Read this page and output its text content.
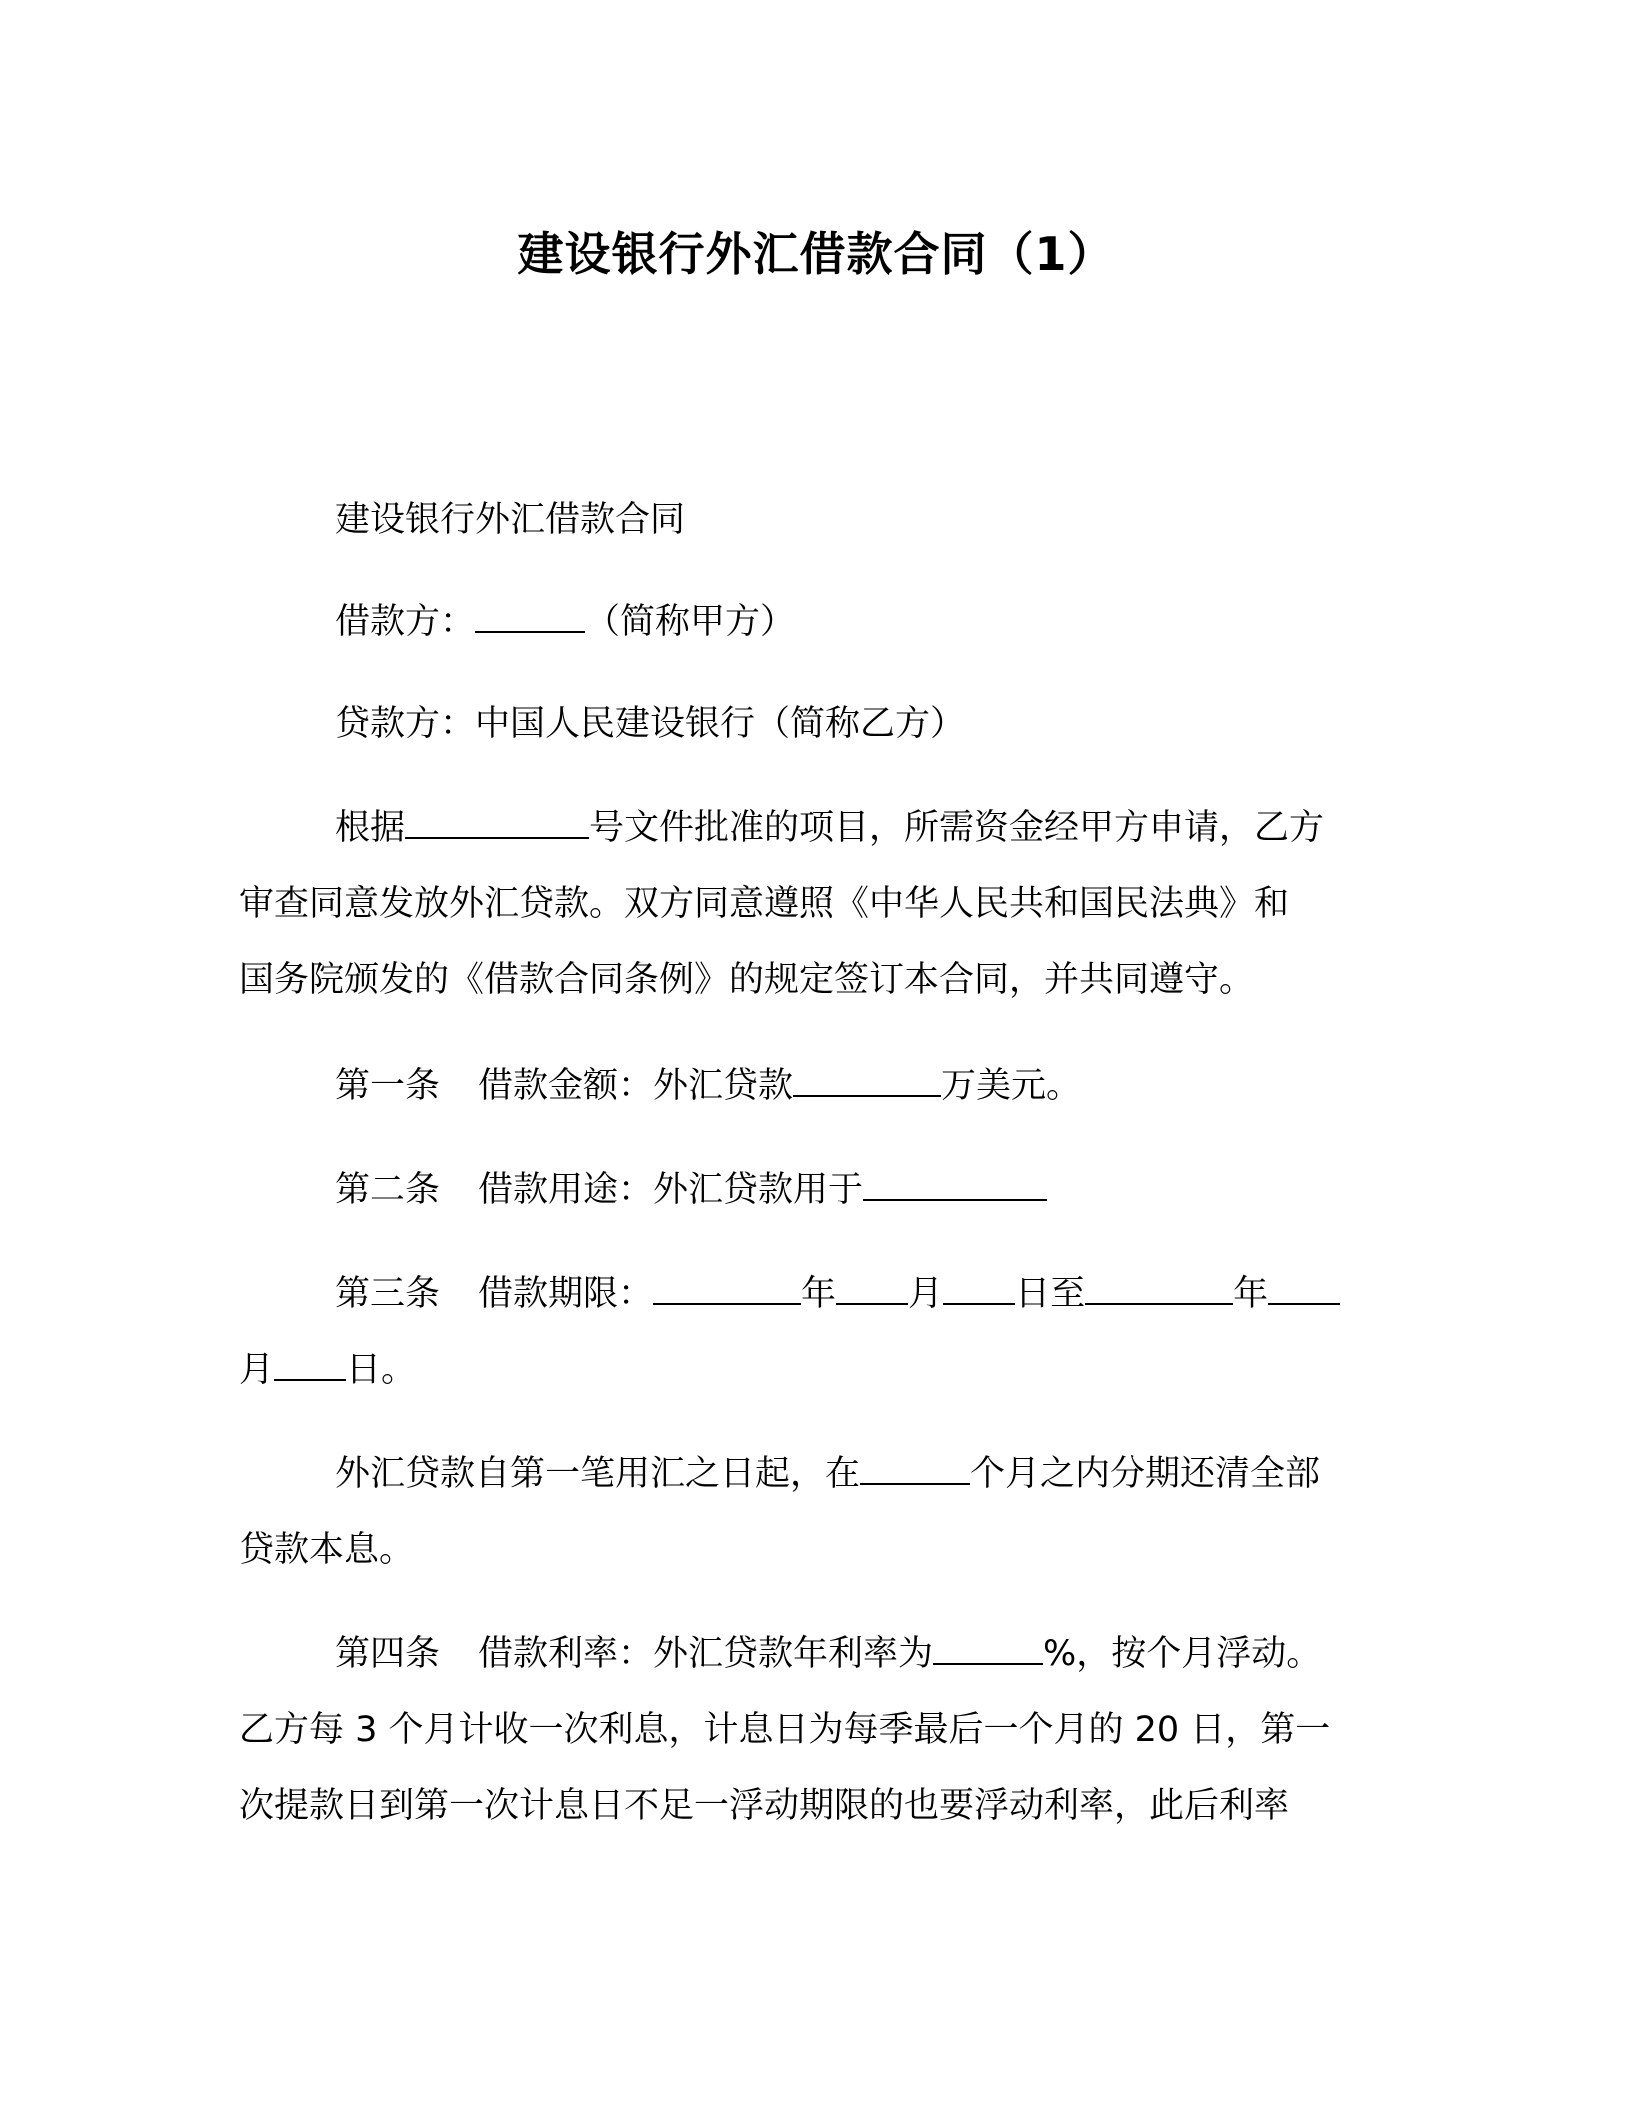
建设银行外汇借款合同（1）
建设银行外汇借款合同
借款方：	（简称甲方）
贷款方：中国人民建设银行（简称乙方）
根据	号文件批准的项目，所需资金经甲方申请，乙方
审查同意发放外汇贷款。双方同意遵照《中华人民共和国民法典》和
国务院颁发的《借款合同条例》的规定签订本合同，并共同遵守。
第一条 借款金额：外汇贷款	万美元。
第二条 借款用途：外汇贷款用于
第三条 借款期限：	年 月 日至	年
月 日。
外汇贷款自第一笔用汇之日起，在	个月之内分期还清全部
贷款本息。
第四条 借款利率：外汇贷款年利率为	%，按个月浮动。
乙方每 3 个月计收一次利息，计息日为每季最后一个月的 20 日，第一
次提款日到第一次计息日不足一浮动期限的也要浮动利率，此后利率
